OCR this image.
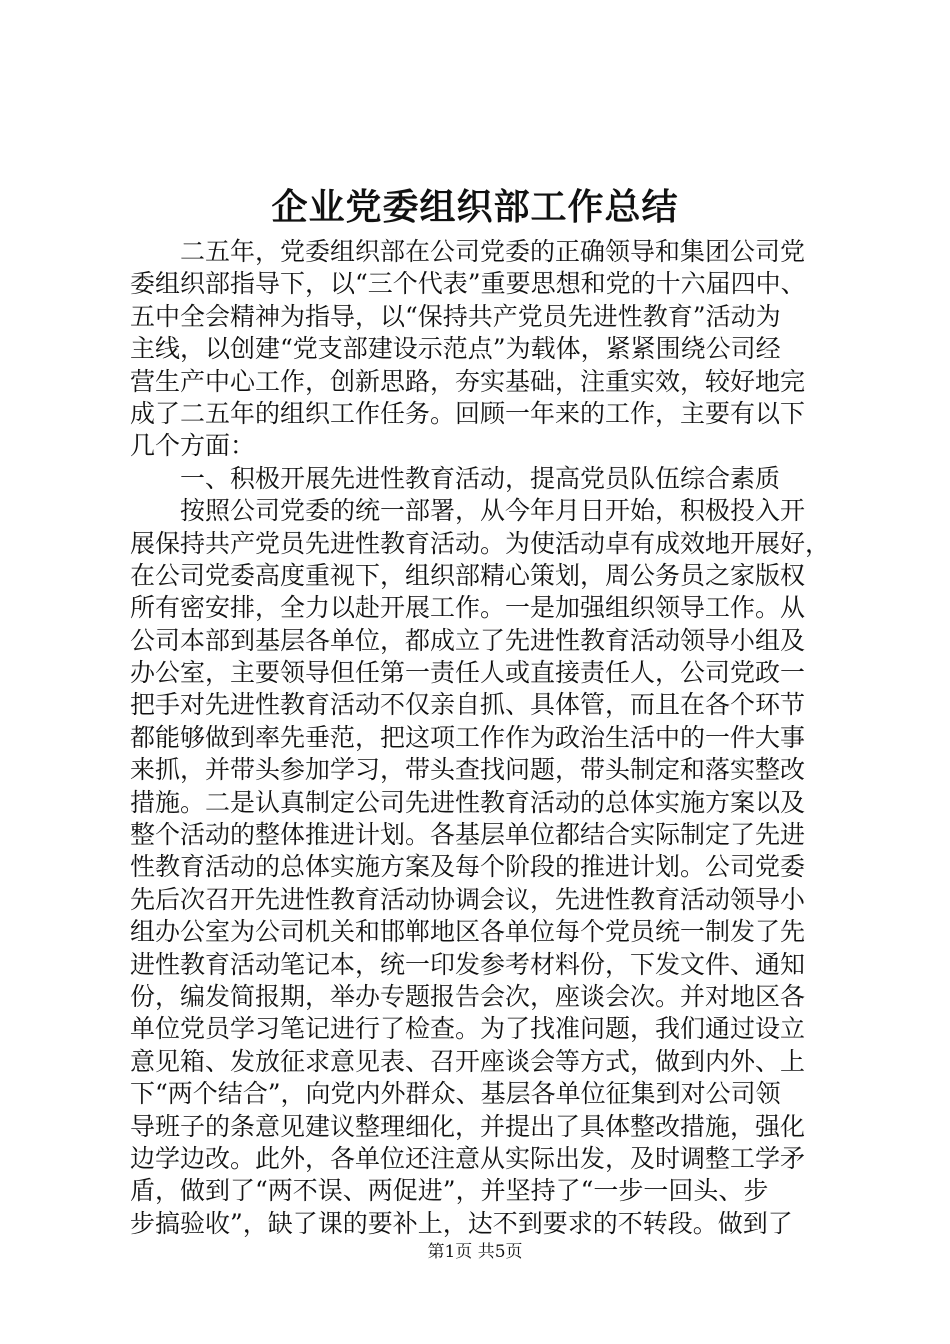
企业党委组织部工作总结
　　二五年，党委组织部在公司党委的正确领导和集团公司党
委组织部指导下，以“三个代表”重要思想和党的十六届四中、
五中全会精神为指导，以“保持共产党员先进性教育”活动为
主线，以创建“党支部建设示范点”为载体，紧紧围绕公司经
营生产中心工作，创新思路，夯实基础，注重实效，较好地完
成了二五年的组织工作任务。回顾一年来的工作，主要有以下
几个方面：
　　一、积极开展先进性教育活动，提高党员队伍综合素质
　　按照公司党委的统一部署，从今年月日开始，积极投入开
展保持共产党员先进性教育活动。为使活动卓有成效地开展好，
在公司党委高度重视下，组织部精心策划，周公务员之家版权
所有密安排，全力以赴开展工作。一是加强组织领导工作。从
公司本部到基层各单位，都成立了先进性教育活动领导小组及
办公室，主要领导但任第一责任人或直接责任人，公司党政一
把手对先进性教育活动不仅亲自抓、具体管，而且在各个环节
都能够做到率先垂范，把这项工作作为政治生活中的一件大事
来抓，并带头参加学习，带头查找问题，带头制定和落实整改
措施。二是认真制定公司先进性教育活动的总体实施方案以及
整个活动的整体推进计划。各基层单位都结合实际制定了先进
性教育活动的总体实施方案及每个阶段的推进计划。公司党委
先后次召开先进性教育活动协调会议，先进性教育活动领导小
组办公室为公司机关和邯郸地区各单位每个党员统一制发了先
进性教育活动笔记本，统一印发参考材料份，下发文件、通知
份，编发简报期，举办专题报告会次，座谈会次。并对地区各
单位党员学习笔记进行了检查。为了找准问题，我们通过设立
意见箱、发放征求意见表、召开座谈会等方式，做到内外、上
下“两个结合”，向党内外群众、基层各单位征集到对公司领
导班子的条意见建议整理细化，并提出了具体整改措施，强化
边学边改。此外，各单位还注意从实际出发，及时调整工学矛
盾，做到了“两不误、两促进”，并坚持了“一步一回头、步
步搞验收”，缺了课的要补上，达不到要求的不转段。做到了
第1页 共5页
